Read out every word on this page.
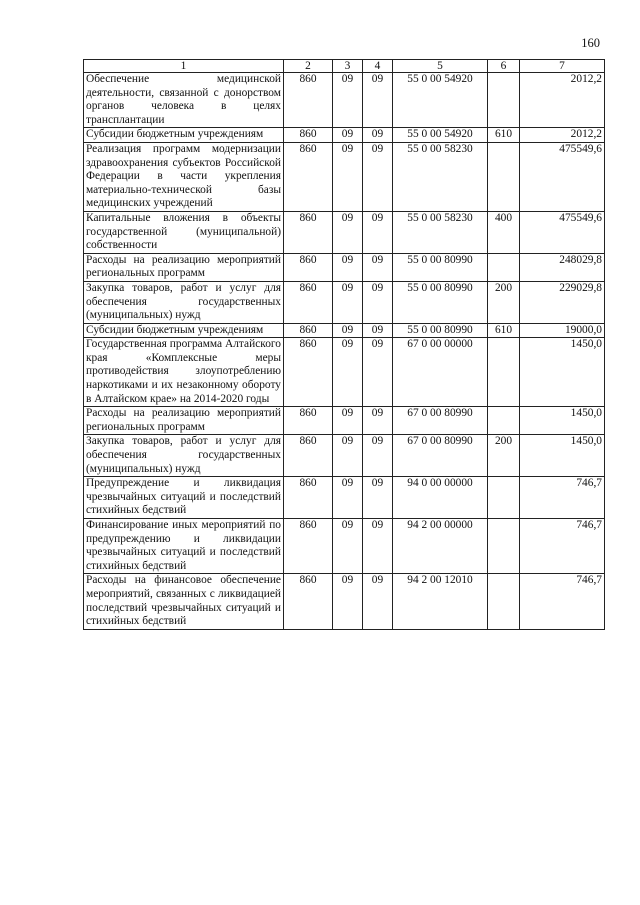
160
1	2	3	4	5	6	7
Обеспечение медицинской деятельности, связанной с донорством органов человека в целях трансплантации	860	09	09	55 0 00 54920		2012,2
Субсидии бюджетным учреждениям	860	09	09	55 0 00 54920	610	2012,2
Реализация программ модернизации здравоохранения субъектов Российской Федерации в части укрепления материально-технической базы медицинских учреждений	860	09	09	55 0 00 58230		475549,6
Капитальные вложения в объекты государственной (муниципальной) собственности	860	09	09	55 0 00 58230	400	475549,6
Расходы на реализацию мероприятий региональных программ	860	09	09	55 0 00 80990		248029,8
Закупка товаров, работ и услуг для обеспечения государственных (муниципальных) нужд	860	09	09	55 0 00 80990	200	229029,8
Субсидии бюджетным учреждениям	860	09	09	55 0 00 80990	610	19000,0
Государственная программа Алтайского края «Комплексные меры противодействия злоупотреблению наркотиками и их незаконному обороту в Алтайском крае» на 2014-2020 годы	860	09	09	67 0 00 00000		1450,0
Расходы на реализацию мероприятий региональных программ	860	09	09	67 0 00 80990		1450,0
Закупка товаров, работ и услуг для обеспечения государственных (муниципальных) нужд	860	09	09	67 0 00 80990	200	1450,0
Предупреждение и ликвидация чрезвычайных ситуаций и последствий стихийных бедствий	860	09	09	94 0 00 00000		746,7
Финансирование иных мероприятий по предупреждению и ликвидации чрезвычайных ситуаций и последствий стихийных бедствий	860	09	09	94 2 00 00000		746,7
Расходы на финансовое обеспечение мероприятий, связанных с ликвидацией последствий чрезвычайных ситуаций и стихийных бедствий	860	09	09	94 2 00 12010		746,7
